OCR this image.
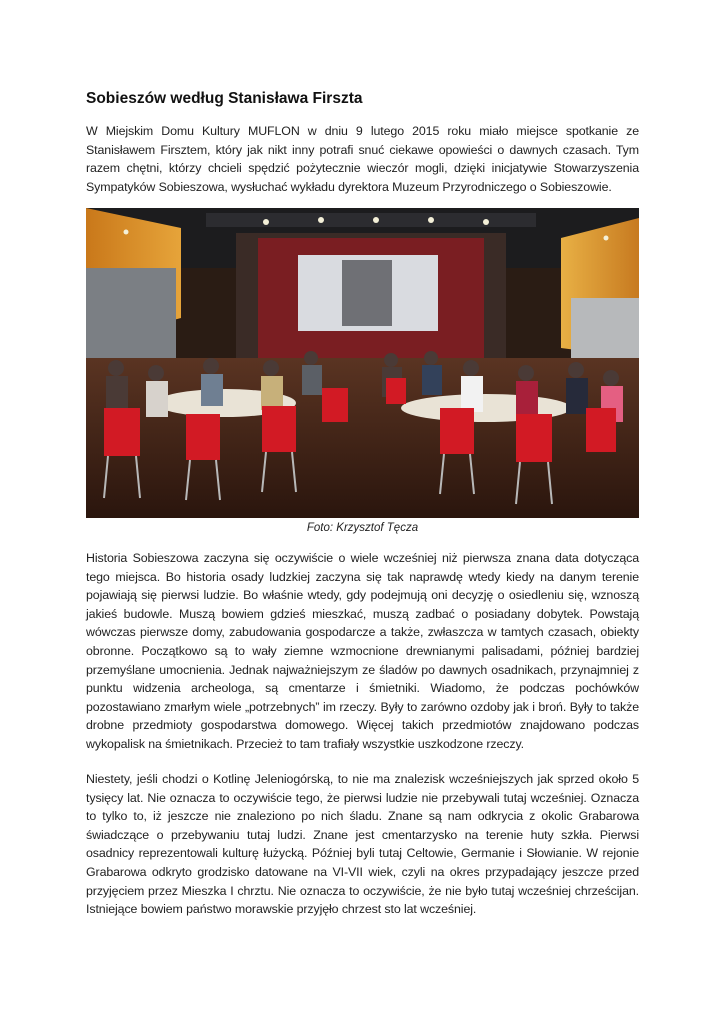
Sobieszów według Stanisława Firszta

W Miejskim Domu Kultury MUFLON w dniu 9 lutego 2015 roku miało miejsce spotkanie ze Stanisławem Firsztem, który jak nikt inny potrafi snuć ciekawe opowieści o dawnych czasach. Tym razem chętni, którzy chcieli spędzić pożytecznie wieczór mogli, dzięki inicjatywie Stowarzyszenia Sympatyków Sobieszowa, wysłuchać wykładu dyrektora Muzeum Przyrodniczego o Sobieszowie.

Foto: Krzysztof Tęcza

Historia Sobieszowa zaczyna się oczywiście o wiele wcześniej niż pierwsza znana data dotycząca tego miejsca. Bo historia osady ludzkiej zaczyna się tak naprawdę wtedy kiedy na danym terenie pojawiają się pierwsi ludzie. Bo właśnie wtedy, gdy podejmują oni decyzję o osiedleniu się, wznoszą jakieś budowle. Muszą bowiem gdzieś mieszkać, muszą zadbać o posiadany dobytek. Powstają wówczas pierwsze domy, zabudowania gospodarcze a także, zwłaszcza w tamtych czasach, obiekty obronne. Początkowo są to wały ziemne wzmocnione drewnianymi palisadami, później bardziej przemyślane umocnienia. Jednak najważniejszym ze śladów po dawnych osadnikach, przynajmniej z punktu widzenia archeologa, są cmentarze i śmietniki. Wiadomo, że podczas pochówków pozostawiano zmarłym wiele „potrzebnych” im rzeczy. Były to zarówno ozdoby jak i broń. Były to także drobne przedmioty gospodarstwa domowego. Więcej takich przedmiotów znajdowano podczas wykopalisk na śmietnikach. Przecież to tam trafiały wszystkie uszkodzone rzeczy.

Niestety, jeśli chodzi o Kotlinę Jeleniogórską, to nie ma znalezisk wcześniejszych jak sprzed około 5 tysięcy lat. Nie oznacza to oczywiście tego, że pierwsi ludzie nie przebywali tutaj wcześniej. Oznacza to tylko to, iż jeszcze nie znaleziono po nich śladu. Znane są nam odkrycia z okolic Grabarowa świadczące o przebywaniu tutaj ludzi. Znane jest cmentarzysko na terenie huty szkła. Pierwsi osadnicy reprezentowali kulturę łużycką. Później byli tutaj Celtowie, Germanie i Słowianie. W rejonie Grabarowa odkryto grodzisko datowane na VI-VII wiek, czyli na okres przypadający jeszcze przed przyjęciem przez Mieszka I chrztu. Nie oznacza to oczywiście, że nie było tutaj wcześniej chrześcijan. Istniejące bowiem państwo morawskie przyjęło chrzest sto lat wcześniej.
